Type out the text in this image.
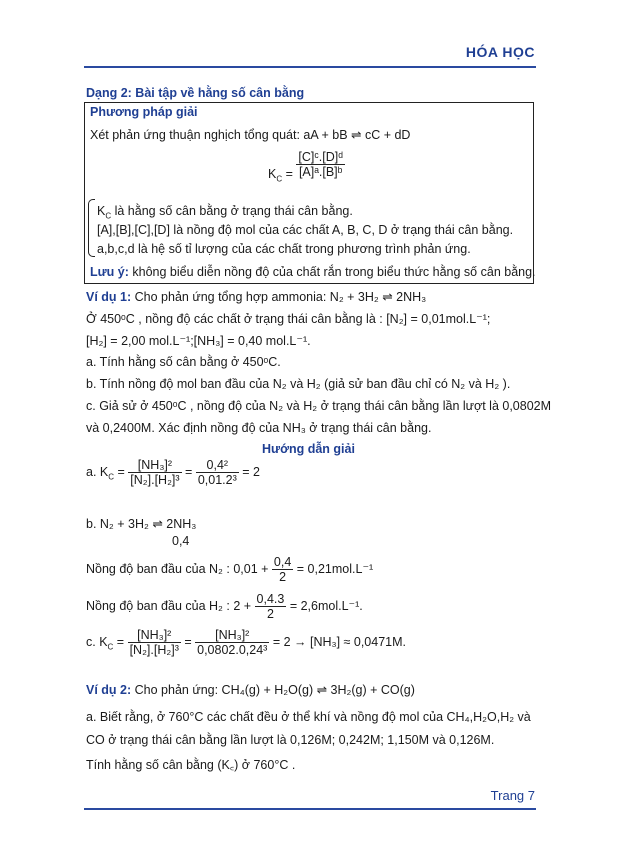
HÓA HỌC
Dạng 2: Bài tập về hằng số cân bằng
Phương pháp giải
Xét phản ứng thuận nghịch tổng quát: aA + bB ⇌ cC + dD
$K_C = \frac{\text{[C]ᶜ.[D]ᵈ}}{\text{[A]ᵃ.[B]ᵇ}}$
$K_C$ là hằng số cân bằng ở trạng thái cân bằng.
[A],[B],[C],[D] là nồng độ mol của các chất A, B, C, D ở trạng thái cân bằng.
a,b,c,d là hệ số tỉ lượng của các chất trong phương trình phản ứng.
Lưu ý: không biểu diễn nồng độ của chất rắn trong biểu thức hằng số cân bằng.
Ví dụ 1: Cho phản ứng tổng hợp ammonia: N₂ + 3H₂ ⇌ 2NH₃
Ở 450ᵒC , nồng độ các chất ở trạng thái cân bằng là : [N₂] = 0,01mol.L⁻¹;
[H₂] = 2,00 mol.L⁻¹;[NH₃] = 0,40 mol.L⁻¹.
a. Tính hằng số cân bằng ở 450ᵒC.
b. Tính nồng độ mol ban đầu của N₂ và H₂ (giả sử ban đầu chỉ có N₂ và H₂ ).
c. Giả sử ở 450ᵒC , nồng độ của N₂ và H₂ ở trạng thái cân bằng lần lượt là 0,0802M
và 0,2400M. Xác định nồng độ của NH₃ ở trạng thái cân bằng.
Hướng dẫn giải
a. $K_C = \frac{\text{[NH₃]²}}{\text{[N₂].[H₂]³}} = \frac{\text{0,4²}}{\text{0,01.2³}} = 2$
b. N₂ + 3H₂ ⇌ 2NH₃
0,4
Nồng độ ban đầu của N₂ : $0,01 + \frac{0,4}{2} = 0,21mol.L^{-1}$
Nồng độ ban đầu của H₂ : $2 + \frac{0,4.3}{2} = 2,6mol.L^{-1}$.
c. $K_C = \frac{\text{[NH₃]²}}{\text{[N₂].[H₂]³}} = \frac{\text{[NH₃]²}}{\text{0,0802.0,24³}} = 2 \to [NH_3] \approx 0,0471M$.
Ví dụ 2: Cho phản ứng: CH₄(g) + H₂O(g) ⇌ 3H₂(g) + CO(g)
a. Biết rằng, ở 760°C các chất đều ở thể khí và nồng độ mol của CH₄,H₂O,H₂ và
CO ở trạng thái cân bằng lần lượt là 0,126M; 0,242M; 1,150M và 0,126M.
Tính hằng số cân bằng (K꜀) ở 760°C .
Trang 7
